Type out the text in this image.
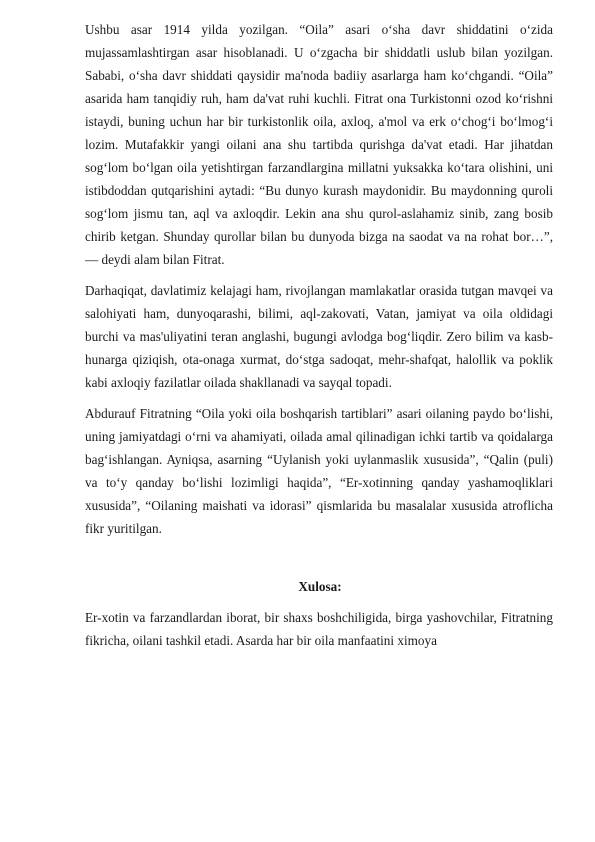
Ushbu asar 1914 yilda yozilgan. “Oila” asari o‘sha davr shiddatini o‘zida mujassamlashtirgan asar hisoblanadi. U o‘zgacha bir shiddatli uslub bilan yozilgan. Sababi, o‘sha davr shiddati qaysidir ma'noda badiiy asarlarga ham ko‘chgandi. “Oila” asarida ham tanqidiy ruh, ham da'vat ruhi kuchli. Fitrat ona Turkistonni ozod ko‘rishni istaydi, buning uchun har bir turkistonlik oila, axloq, a'mol va erk o‘chog‘i bo‘lmog‘i lozim. Mutafakkir yangi oilani ana shu tartibda qurishga da'vat etadi. Har jihatdan sog‘lom bo‘lgan oila yetishtirgan farzandlargina millatni yuksakka ko‘tara olishini, uni istibdoddan qutqarishini aytadi: “Bu dunyo kurash maydonidir. Bu maydonning quroli sog‘lom jismu tan, aql va axloqdir. Lekin ana shu qurol-aslahamiz sinib, zang bosib chirib ketgan. Shunday qurollar bilan bu dunyoda bizga na saodat va na rohat bor…”, — deydi alam bilan Fitrat.

Darhaqiqat, davlatimiz kelajagi ham, rivojlangan mamlakatlar orasida tutgan mavqei va salohiyati ham, dunyoqarashi, bilimi, aql-zakovati, Vatan, jamiyat va oila oldidagi burchi va mas'uliyatini teran anglashi, bugungi avlodga bog‘liqdir. Zero bilim va kasb-hunarga qiziqish, ota-onaga xurmat, do‘stga sadoqat, mehr-shafqat, halollik va poklik kabi axloqiy fazilatlar oilada shakllanadi va sayqal topadi.

Abdurauf Fitratning “Oila yoki oila boshqarish tartiblari” asari oilaning paydo bo‘lishi, uning jamiyatdagi o‘rni va ahamiyati, oilada amal qilinadigan ichki tartib va qoidalarga bag‘ishlangan. Ayniqsa, asarning “Uylanish yoki uylanmaslik xususida”, “Qalin (puli) va to‘y qanday bo‘lishi lozimligi haqida”, “Er-xotinning qanday yashamoqliklari xususida”, “Oilaning maishati va idorasi” qismlarida bu masalalar xususida atroflicha fikr yuritilgan.

Xulosa:

Er-xotin va farzandlardan iborat, bir shaxs boshchiligida, birga yashovchilar, Fitratning fikricha, oilani tashkil etadi. Asarda har bir oila manfaatini ximoya
